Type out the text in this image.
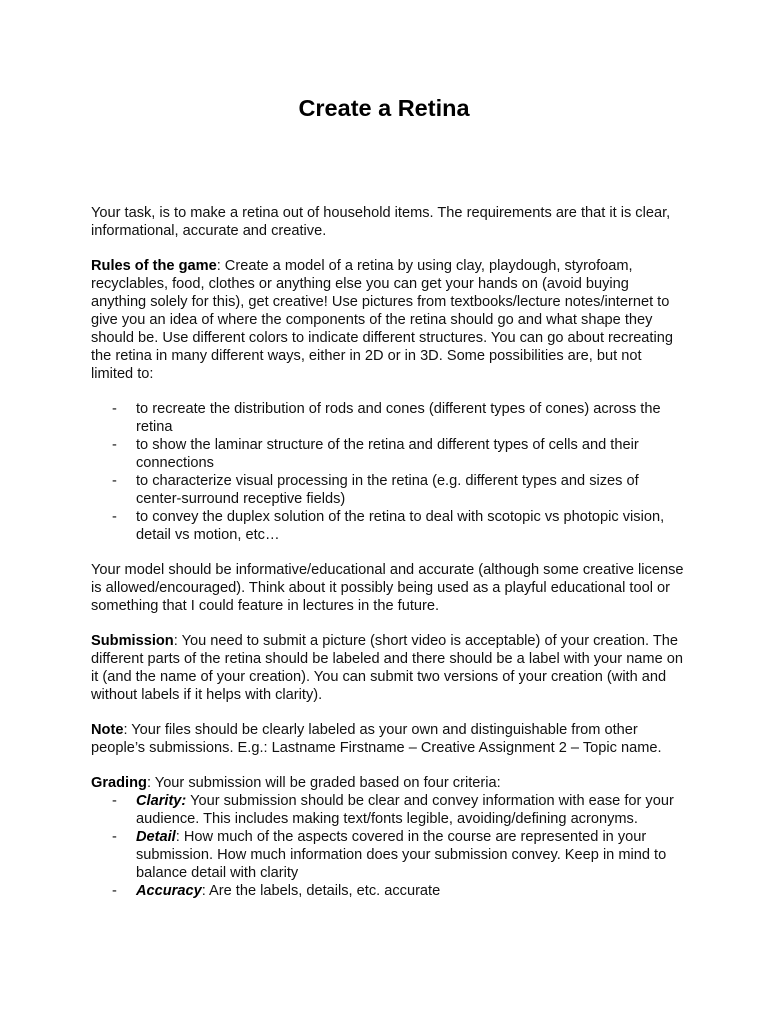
Create a Retina

Your task, is to make a retina out of household items. The requirements are that it is clear, informational, accurate and creative.

Rules of the game: Create a model of a retina by using clay, playdough, styrofoam, recyclables, food, clothes or anything else you can get your hands on (avoid buying anything solely for this), get creative! Use pictures from textbooks/lecture notes/internet to give you an idea of where the components of the retina should go and what shape they should be. Use different colors to indicate different structures. You can go about recreating the retina in many different ways, either in 2D or in 3D. Some possibilities are, but not limited to:

- to recreate the distribution of rods and cones (different types of cones) across the retina
- to show the laminar structure of the retina and different types of cells and their connections
- to characterize visual processing in the retina (e.g. different types and sizes of center-surround receptive fields)
- to convey the duplex solution of the retina to deal with scotopic vs photopic vision, detail vs motion, etc…

Your model should be informative/educational and accurate (although some creative license is allowed/encouraged). Think about it possibly being used as a playful educational tool or something that I could feature in lectures in the future.

Submission: You need to submit a picture (short video is acceptable) of your creation. The different parts of the retina should be labeled and there should be a label with your name on it (and the name of your creation). You can submit two versions of your creation (with and without labels if it helps with clarity).

Note: Your files should be clearly labeled as your own and distinguishable from other people’s submissions. E.g.: Lastname Firstname – Creative Assignment 2 – Topic name.

Grading: Your submission will be graded based on four criteria:

- Clarity: Your submission should be clear and convey information with ease for your audience. This includes making text/fonts legible, avoiding/defining acronyms.
- Detail: How much of the aspects covered in the course are represented in your submission. How much information does your submission convey. Keep in mind to balance detail with clarity
- Accuracy: Are the labels, details, etc. accurate
